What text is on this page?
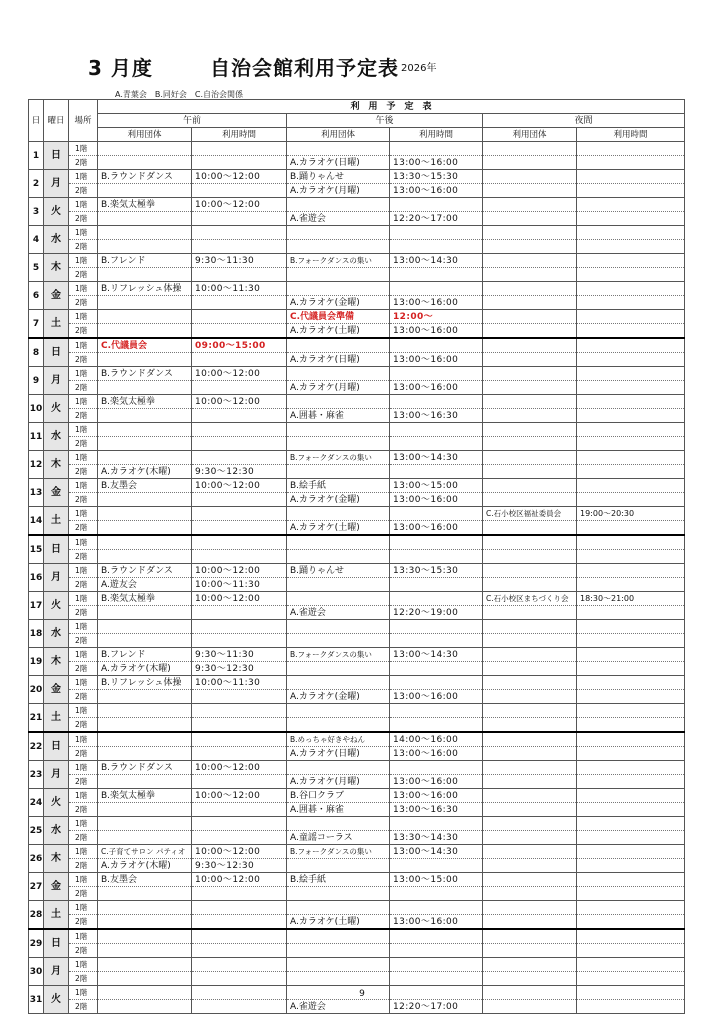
3 月度	自治会館利用予定表 2026年
A.青葉会　B.同好会　C.自治会関係
日	曜日	場所	利　用　予　定　表					
			午前		午後		夜間	
			利用団体	利用時間	利用団体	利用時間	利用団体	利用時間
1	日	1階						
		2階			A.カラオケ(日曜)	13:00～16:00		
2	月	1階	B.ラウンドダンス	10:00～12:00	B.踊りゃんせ	13:30～15:30		
		2階			A.カラオケ(月曜)	13:00～16:00		
3	火	1階	B.楽気太極拳	10:00～12:00				
		2階			A.雀遊会	12:20～17:00		
4	水	1階						
		2階						
5	木	1階	B.フレンド	9:30～11:30	B.フォークダンスの集い	13:00～14:30		
		2階						
6	金	1階	B.リフレッシュ体操	10:00～11:30				
		2階			A.カラオケ(金曜)	13:00～16:00		
7	土	1階			C.代議員会準備	12:00～		
		2階			A.カラオケ(土曜)	13:00～16:00		
8	日	1階	C.代議員会	09:00～15:00				
		2階			A.カラオケ(日曜)	13:00～16:00		
9	月	1階	B.ラウンドダンス	10:00～12:00				
		2階			A.カラオケ(月曜)	13:00～16:00		
10	火	1階	B.楽気太極拳	10:00～12:00				
		2階			A.囲碁・麻雀	13:00～16:30		
11	水	1階						
		2階						
12	木	1階			B.フォークダンスの集い	13:00～14:30		
		2階	A.カラオケ(木曜)	9:30～12:30				
13	金	1階	B.友墨会	10:00～12:00	B.絵手紙	13:00～15:00		
		2階			A.カラオケ(金曜)	13:00～16:00		
14	土	1階					C.石小校区福祉委員会	19:00～20:30
		2階			A.カラオケ(土曜)	13:00～16:00		
15	日	1階						
		2階						
16	月	1階	B.ラウンドダンス	10:00～12:00	B.踊りゃんせ	13:30～15:30		
		2階	A.遊友会	10:00～11:30				
17	火	1階	B.楽気太極拳	10:00～12:00			C.石小校区まちづくり会	18:30～21:00
		2階			A.雀遊会	12:20～19:00		
18	水	1階						
		2階						
19	木	1階	B.フレンド	9:30～11:30	B.フォークダンスの集い	13:00～14:30		
		2階	A.カラオケ(木曜)	9:30～12:30				
20	金	1階	B.リフレッシュ体操	10:00～11:30				
		2階			A.カラオケ(金曜)	13:00～16:00		
21	土	1階						
		2階						
22	日	1階			B.めっちゃ好きやねん	14:00～16:00		
		2階			A.カラオケ(日曜)	13:00～16:00		
23	月	1階	B.ラウンドダンス	10:00～12:00				
		2階			A.カラオケ(月曜)	13:00～16:00		
24	火	1階	B.楽気太極拳	10:00～12:00	B.谷口クラブ	13:00～16:00		
		2階			A.囲碁・麻雀	13:00～16:30		
25	水	1階						
		2階			A.童謡コーラス	13:30～14:30		
26	木	1階	C.子育てサロン パティオ	10:00～12:00	B.フォークダンスの集い	13:00～14:30		
		2階	A.カラオケ(木曜)	9:30～12:30				
27	金	1階	B.友墨会	10:00～12:00	B.絵手紙	13:00～15:00		
		2階						
28	土	1階						
		2階			A.カラオケ(土曜)	13:00～16:00		
29	日	1階						
		2階						
30	月	1階						
		2階						
31	火	1階						
		2階			A.雀遊会	12:20～17:00		
9
